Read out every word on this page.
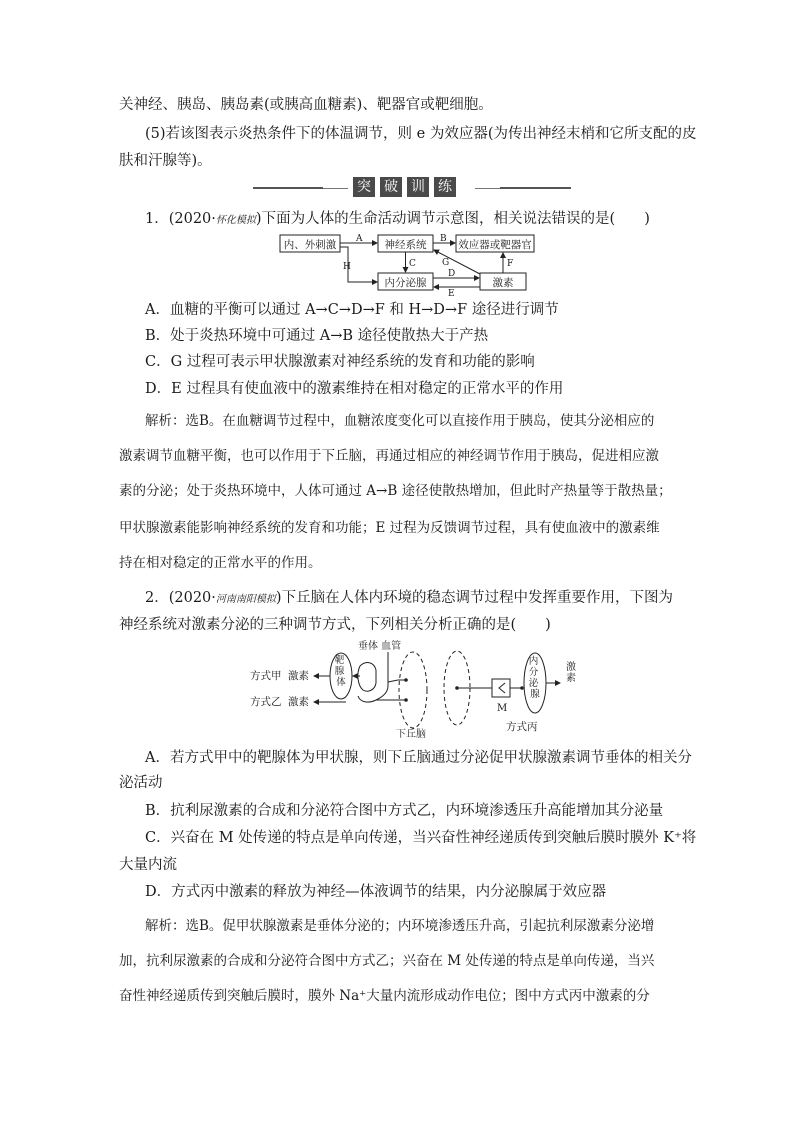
关神经、胰岛、胰岛素(或胰高血糖素)、靶器官或靶细胞。
(5)若该图表示炎热条件下的体温调节，则 e 为效应器(为传出神经末梢和它所支配的皮
肤和汗腺等)。
突 破 训 练
1．(2020·怀化模拟)下面为人体的生命活动调节示意图，相关说法错误的是(　　)
内、外刺激	神经系统	效应器或靶器官
内分泌腺	激素
A	B
C
H
D
E
G	F
A．血糖的平衡可以通过 A→C→D→F 和 H→D→F 途径进行调节
B．处于炎热环境中可通过 A→B 途径使散热大于产热
C．G 过程可表示甲状腺激素对神经系统的发育和功能的影响
D．E 过程具有使血液中的激素维持在相对稳定的正常水平的作用
解析：选B。在血糖调节过程中，血糖浓度变化可以直接作用于胰岛，使其分泌相应的
激素调节血糖平衡，也可以作用于下丘脑，再通过相应的神经调节作用于胰岛，促进相应激
素的分泌；处于炎热环境中，人体可通过 A→B 途径使散热增加，但此时产热量等于散热量；
甲状腺激素能影响神经系统的发育和功能；E 过程为反馈调节过程，具有使血液中的激素维
持在相对稳定的正常水平的作用。
2．(2020·河南南阳模拟)下丘脑在人体内环境的稳态调节过程中发挥重要作用，下图为
神经系统对激素分泌的三种调节方式，下列相关分析正确的是(　　)
方式甲 激素
方式乙 激素
靶 腺 体
垂体 血管
下丘脑
M
内 分 泌 腺
激 素
方式丙
A．若方式甲中的靶腺体为甲状腺，则下丘脑通过分泌促甲状腺激素调节垂体的相关分
泌活动
B．抗利尿激素的合成和分泌符合图中方式乙，内环境渗透压升高能增加其分泌量
C．兴奋在 M 处传递的特点是单向传递，当兴奋性神经递质传到突触后膜时膜外 K⁺将
大量内流
D．方式丙中激素的释放为神经—体液调节的结果，内分泌腺属于效应器
解析：选B。促甲状腺激素是垂体分泌的；内环境渗透压升高，引起抗利尿激素分泌增
加，抗利尿激素的合成和分泌符合图中方式乙；兴奋在 M 处传递的特点是单向传递，当兴
奋性神经递质传到突触后膜时，膜外 Na⁺大量内流形成动作电位；图中方式丙中激素的分
